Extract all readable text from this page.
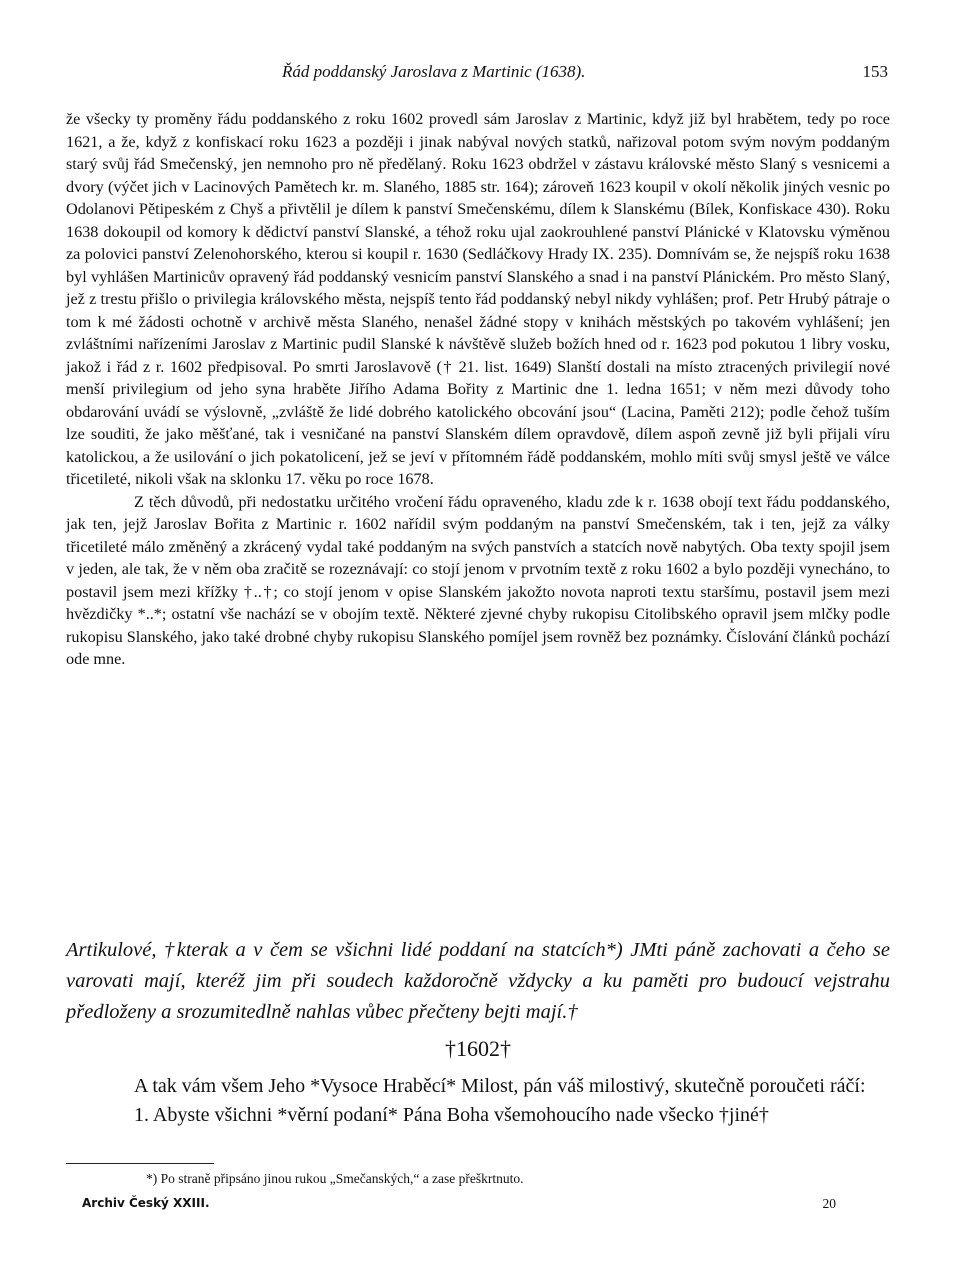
Řád poddanský Jaroslava z Martinic (1638).	153

že všecky ty proměny řádu poddanského z roku 1602 provedl sám Jaroslav z Martinic, když již byl hrabětem, tedy po roce 1621, a že, když z konfiskací roku 1623 a později i jinak nabýval nových statků, nařizoval potom svým novým poddaným starý svůj řád Smečenský, jen nemnoho pro ně předělaný. Roku 1623 obdržel v zástavu královské město Slaný s vesnicemi a dvory (výčet jich v Lacinových Pamětech kr. m. Slaného, 1885 str. 164); zároveň 1623 koupil v okolí několik jiných vesnic po Odolanovi Pětipeském z Chyš a přivtělil je dílem k panství Smečenskému, dílem k Slanskému (Bílek, Konfiskace 430). Roku 1638 dokoupil od komory k dědictví panství Slanské, a téhož roku ujal zaokrouhlené panství Plánické v Klatovsku výměnou za polovici panství Zelenohorského, kterou si koupil r. 1630 (Sedláčkovy Hrady IX. 235). Domnívám se, že nejspíš roku 1638 byl vyhlášen Martinicův opravený řád poddanský vesnicím panství Slanského a snad i na panství Plánickém. Pro město Slaný, jež z trestu přišlo o privilegia královského města, nejspíš tento řád poddanský nebyl nikdy vyhlášen; prof. Petr Hrubý pátraje o tom k mé žádosti ochotně v archivě města Slaného, nenašel žádné stopy v knihách městských po takovém vyhlášení; jen zvláštními nařízeními Jaroslav z Martinic pudil Slanské k návštěvě služeb božích hned od r. 1623 pod pokutou 1 libry vosku, jakož i řád z r. 1602 předpisoval. Po smrti Jaroslavově († 21. list. 1649) Slanští dostali na místo ztracených privilegií nové menší privilegium od jeho syna hraběte Jiřího Adama Bořity z Martinic dne 1. ledna 1651; v něm mezi důvody toho obdarování uvádí se výslovně, „zvláště že lidé dobrého katolického obcování jsou“ (Lacina, Paměti 212); podle čehož tuším lze souditi, že jako měšťané, tak i vesničané na panství Slanském dílem opravdově, dílem aspoň zevně již byli přijali víru katolickou, a že usilování o jich pokatolicení, jež se jeví v přítomném řádě poddanském, mohlo míti svůj smysl ještě ve válce třicetileté, nikoli však na sklonku 17. věku po roce 1678.

Z těch důvodů, při nedostatku určitého vročení řádu opraveného, kladu zde k r. 1638 obojí text řádu poddanského, jak ten, jejž Jaroslav Bořita z Martinic r. 1602 nařídil svým poddaným na panství Smečenském, tak i ten, jejž za války třicetileté málo změněný a zkrácený vydal také poddaným na svých panstvích a statcích nově nabytých. Oba texty spojil jsem v jeden, ale tak, že v něm oba zračitě se rozeznávají: co stojí jenom v prvotním textě z roku 1602 a bylo později vynecháno, to postavil jsem mezi křížky †..†; co stojí jenom v opise Slanském jakožto novota naproti textu staršímu, postavil jsem mezi hvězdičky *..*; ostatní vše nachází se v obojím textě. Některé zjevné chyby rukopisu Citolibského opravil jsem mlčky podle rukopisu Slanského, jako také drobné chyby rukopisu Slanského pomíjel jsem rovněž bez poznámky. Číslování článků pochází ode mne.

Artikulové, †kterak a v čem se všichni lidé poddaní na statcích*) JMti páně zachovati a čeho se varovati mají, kteréž jim při soudech každoročně vždycky a ku paměti pro budoucí vejstrahu předloženy a srozumitedlně nahlas vůbec přečteny bejti mají.†
†1602†

A tak vám všem Jeho *Vysoce Hraběcí* Milost, pán váš milostivý, skutečně poroučeti ráčí:

1. Abyste všichni *věrní podaní* Pána Boha všemohoucího nade všecko †jiné†

*) Po straně připsáno jinou rukou „Smečanských,“ a zase přeškrtnuto.
Archiv Český XXIII.	20
